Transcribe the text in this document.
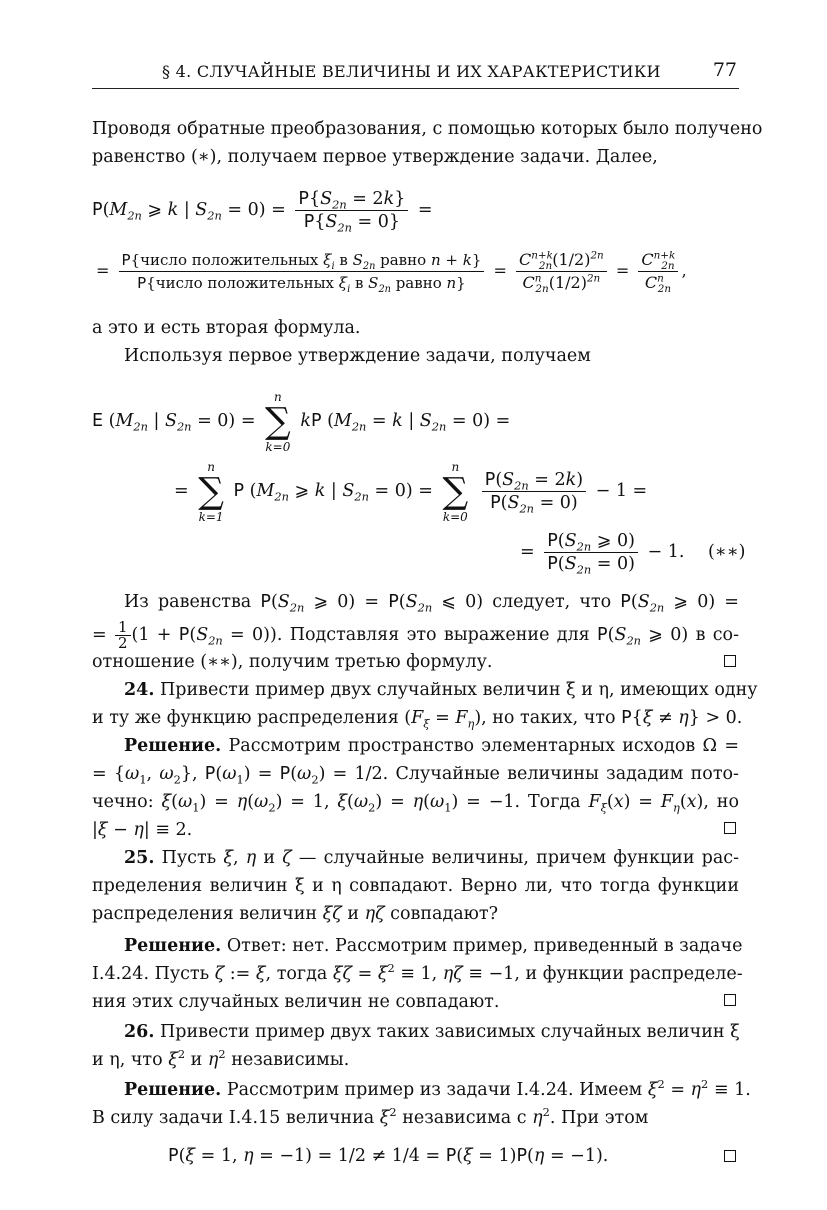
§ 4. СЛУЧАЙНЫЕ ВЕЛИЧИНЫ И ИХ ХАРАКТЕРИСТИКИ	77
Проводя обратные преобразования, с помощью которых было получено
равенство (∗), получаем первое утверждение задачи. Далее,
$P(M_{2n}$ ⩾ k | $S_{2n} = 0) = \frac{P\{S_{2n} = 2k\}}{P\{S_{2n} = 0\}}$ =
= $\frac{P\{число положительных \xi_i в S_{2n} равно n + k\}}{P\{число положительных \xi_i в S_{2n} равно n\}} = \frac{C^{n+k}_{2n}(1/2)^{2n}}{C^n_{2n}(1/2)^{2n}} = \frac{C^{n+k}_{2n}}{C^n_{2n}}$ ,
а это и есть вторая формула.
Используя первое утверждение задачи, получаем
E ($M_{2n}$ | $S_{2n} = 0$) =
n
∑
k=0
kP ($M_{2n} = k$ | $S_{2n} = 0$) =
=
n
∑
k=1
P ($M_{2n}$ ⩾ k | $S_{2n} = 0$) =
n
∑
k=0

$\frac{P(S_{2n} = 2k)}{P(S_{2n} = 0)} - 1$ =
= $\frac{P(S_{2n} ⩾ 0)}{P(S_{2n} = 0)} - 1$. (∗∗)
Из равенства $P(S_{2n}$ ⩾ $0) = P(S_{2n}$ ⩽ 0) следует, что $P(S_{2n}$ ⩾ 0) =
= $\frac{1}{2} (1 + P(S_{2n} = 0))$. Подставляя это выражение для $P(S_{2n}$ ⩾ 0) в со-
отношение (∗∗), получим третью формулу.
24. Привести пример двух случайных величин ξ и η, имеющих одну
и ту же функцию распределения $(F_\xi = F_\eta)$, но таких, что P{ξ ≠ η} > 0.
Решение. Рассмотрим пространство элементарных исходов Ω =
= {$\omega_1$, $\omega_2$}, $P(\omega_1) = P(\omega_2) = 1/2$. Случайные величины зададим пото-
чечно: $\xi(\omega_1) = \eta(\omega_2) = 1$, $\xi(\omega_2) = \eta(\omega_1) = -1$. Тогда $F_\xi(x) = F_\eta(x)$, но
|ξ − η| ≡ 2.
25. Пусть ξ, η и ζ — случайные величины, причем функции рас-
пределения величин ξ и η совпадают. Верно ли, что тогда функции
распределения величин ξζ и ηζ совпадают?
Решение. Ответ: нет. Рассмотрим пример, приведенный в задаче
I.4.24. Пусть ζ := ξ, тогда $\xi\zeta = \xi^2 \equiv 1$, ηζ ≡ −1, и функции распределе-
ния этих случайных величин не совпадают.
26. Привести пример двух таких зависимых случайных величин ξ
и η, что $\xi^2$ и $\eta^2$ независимы.
Решение. Рассмотрим пример из задачи I.4.24. Имеем $\xi^2 = \eta^2 \equiv 1$.
В силу задачи I.4.15 величниа $\xi^2$ независима с $\eta^2$. При этом
P(ξ = 1, η = −1) = 1/2 ≠ 1/4 = P(ξ = 1)P(η = −1).
